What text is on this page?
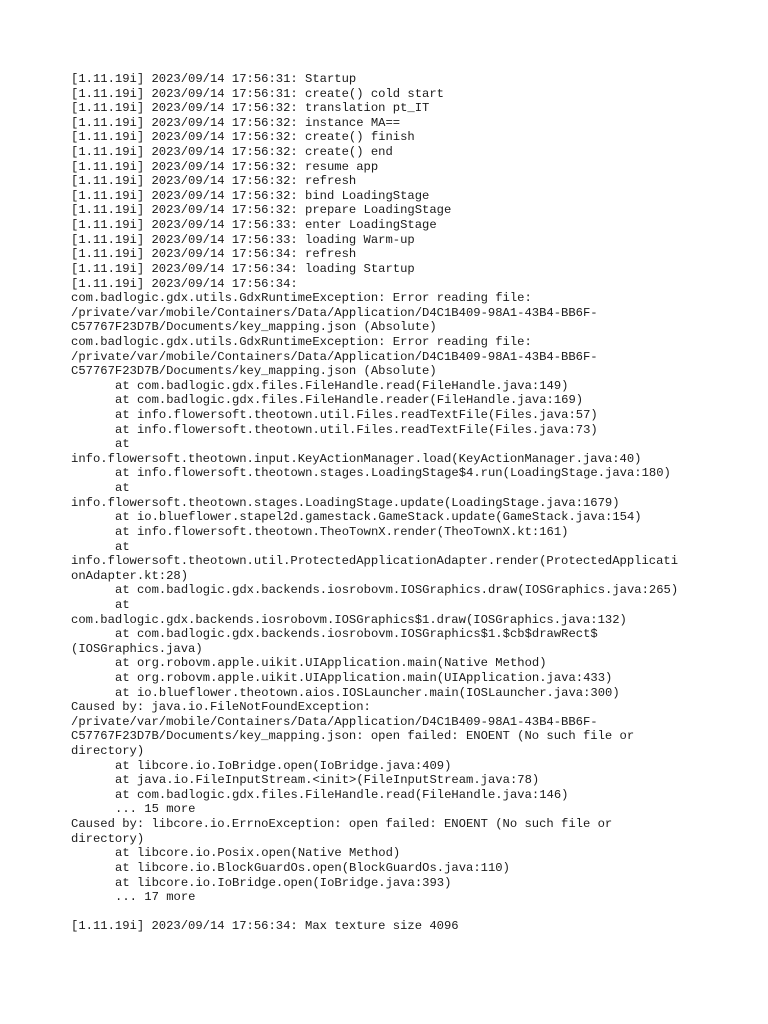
[1.11.19i] 2023/09/14 17:56:31: Startup
[1.11.19i] 2023/09/14 17:56:31: create() cold start
[1.11.19i] 2023/09/14 17:56:32: translation pt_IT
[1.11.19i] 2023/09/14 17:56:32: instance MA==
[1.11.19i] 2023/09/14 17:56:32: create() finish
[1.11.19i] 2023/09/14 17:56:32: create() end
[1.11.19i] 2023/09/14 17:56:32: resume app
[1.11.19i] 2023/09/14 17:56:32: refresh
[1.11.19i] 2023/09/14 17:56:32: bind LoadingStage
[1.11.19i] 2023/09/14 17:56:32: prepare LoadingStage
[1.11.19i] 2023/09/14 17:56:33: enter LoadingStage
[1.11.19i] 2023/09/14 17:56:33: loading Warm-up
[1.11.19i] 2023/09/14 17:56:34: refresh
[1.11.19i] 2023/09/14 17:56:34: loading Startup
[1.11.19i] 2023/09/14 17:56:34:
com.badlogic.gdx.utils.GdxRuntimeException: Error reading file:
/private/var/mobile/Containers/Data/Application/D4C1B409-98A1-43B4-BB6F-
C57767F23D7B/Documents/key_mapping.json (Absolute)
com.badlogic.gdx.utils.GdxRuntimeException: Error reading file:
/private/var/mobile/Containers/Data/Application/D4C1B409-98A1-43B4-BB6F-
C57767F23D7B/Documents/key_mapping.json (Absolute)
at com.badlogic.gdx.files.FileHandle.read(FileHandle.java:149)
at com.badlogic.gdx.files.FileHandle.reader(FileHandle.java:169)
at info.flowersoft.theotown.util.Files.readTextFile(Files.java:57)
at info.flowersoft.theotown.util.Files.readTextFile(Files.java:73)
at
info.flowersoft.theotown.input.KeyActionManager.load(KeyActionManager.java:40)
at info.flowersoft.theotown.stages.LoadingStage$4.run(LoadingStage.java:180)
at
info.flowersoft.theotown.stages.LoadingStage.update(LoadingStage.java:1679)
at io.blueflower.stapel2d.gamestack.GameStack.update(GameStack.java:154)
at info.flowersoft.theotown.TheoTownX.render(TheoTownX.kt:161)
at
info.flowersoft.theotown.util.ProtectedApplicationAdapter.render(ProtectedApplicati
onAdapter.kt:28)
at com.badlogic.gdx.backends.iosrobovm.IOSGraphics.draw(IOSGraphics.java:265)
at
com.badlogic.gdx.backends.iosrobovm.IOSGraphics$1.draw(IOSGraphics.java:132)
at com.badlogic.gdx.backends.iosrobovm.IOSGraphics$1.$cb$drawRect$
(IOSGraphics.java)
at org.robovm.apple.uikit.UIApplication.main(Native Method)
at org.robovm.apple.uikit.UIApplication.main(UIApplication.java:433)
at io.blueflower.theotown.aios.IOSLauncher.main(IOSLauncher.java:300)
Caused by: java.io.FileNotFoundException:
/private/var/mobile/Containers/Data/Application/D4C1B409-98A1-43B4-BB6F-
C57767F23D7B/Documents/key_mapping.json: open failed: ENOENT (No such file or
directory)
at libcore.io.IoBridge.open(IoBridge.java:409)
at java.io.FileInputStream.<init>(FileInputStream.java:78)
at com.badlogic.gdx.files.FileHandle.read(FileHandle.java:146)
... 15 more
Caused by: libcore.io.ErrnoException: open failed: ENOENT (No such file or
directory)
at libcore.io.Posix.open(Native Method)
at libcore.io.BlockGuardOs.open(BlockGuardOs.java:110)
at libcore.io.IoBridge.open(IoBridge.java:393)
... 17 more
[1.11.19i] 2023/09/14 17:56:34: Max texture size 4096
